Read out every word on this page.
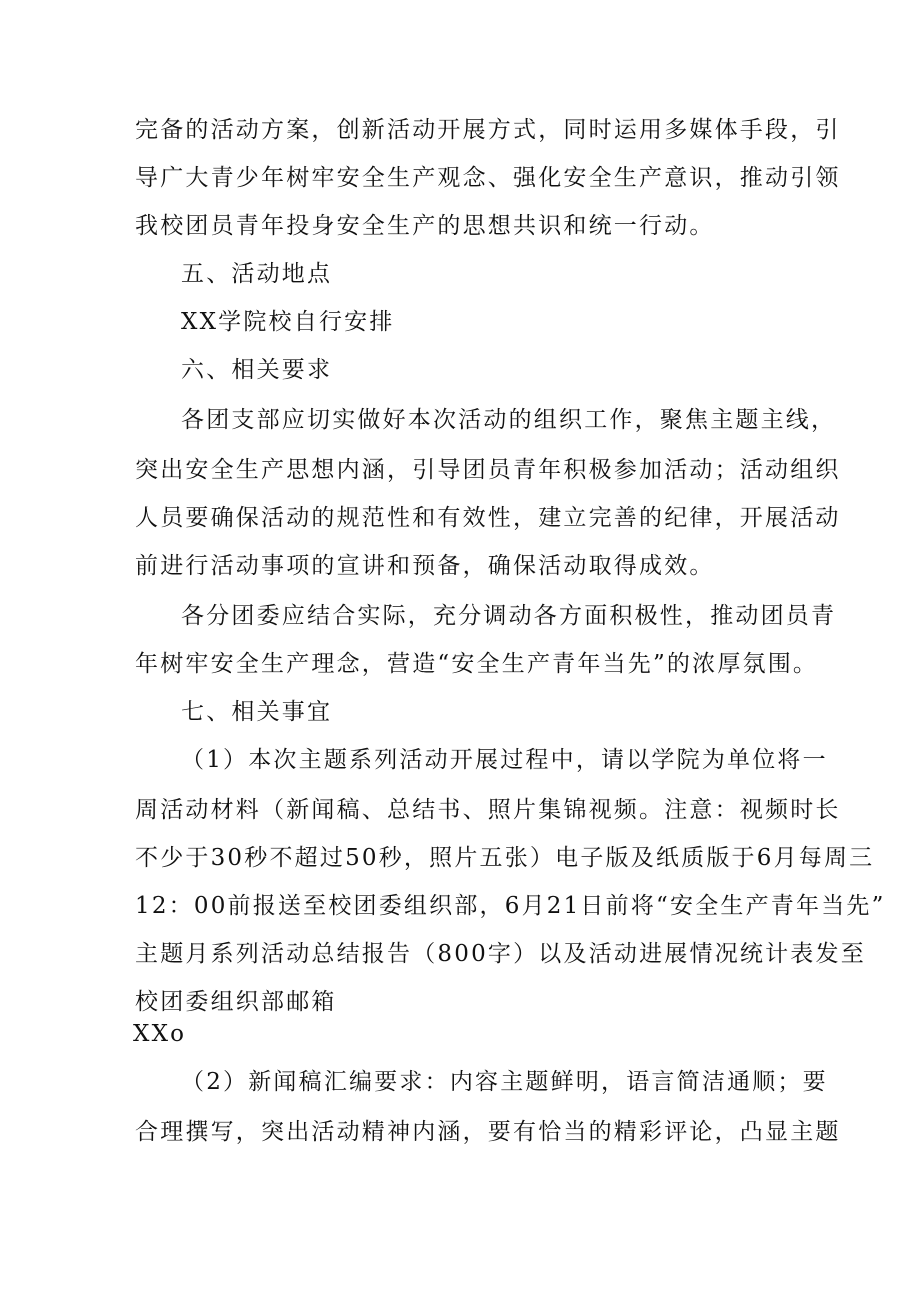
完备的活动方案，创新活动开展方式，同时运用多媒体手段，引
导广大青少年树牢安全生产观念、强化安全生产意识，推动引领
我校团员青年投身安全生产的思想共识和统一行动。
五、活动地点
XX学院校自行安排
六、相关要求
各团支部应切实做好本次活动的组织工作，聚焦主题主线，
突出安全生产思想内涵，引导团员青年积极参加活动；活动组织
人员要确保活动的规范性和有效性，建立完善的纪律，开展活动
前进行活动事项的宣讲和预备，确保活动取得成效。
各分团委应结合实际，充分调动各方面积极性，推动团员青
年树牢安全生产理念，营造“安全生产青年当先”的浓厚氛围。
七、相关事宜
（1）本次主题系列活动开展过程中，请以学院为单位将一
周活动材料（新闻稿、总结书、照片集锦视频。注意：视频时长
不少于30秒不超过50秒，照片五张）电子版及纸质版于6月每周三
12：00前报送至校团委组织部，6月21日前将“安全生产青年当先”
主题月系列活动总结报告（800字）以及活动进展情况统计表发至
校团委组织部邮箱
XXo
（2）新闻稿汇编要求：内容主题鲜明，语言简洁通顺；要
合理撰写，突出活动精神内涵，要有恰当的精彩评论，凸显主题
